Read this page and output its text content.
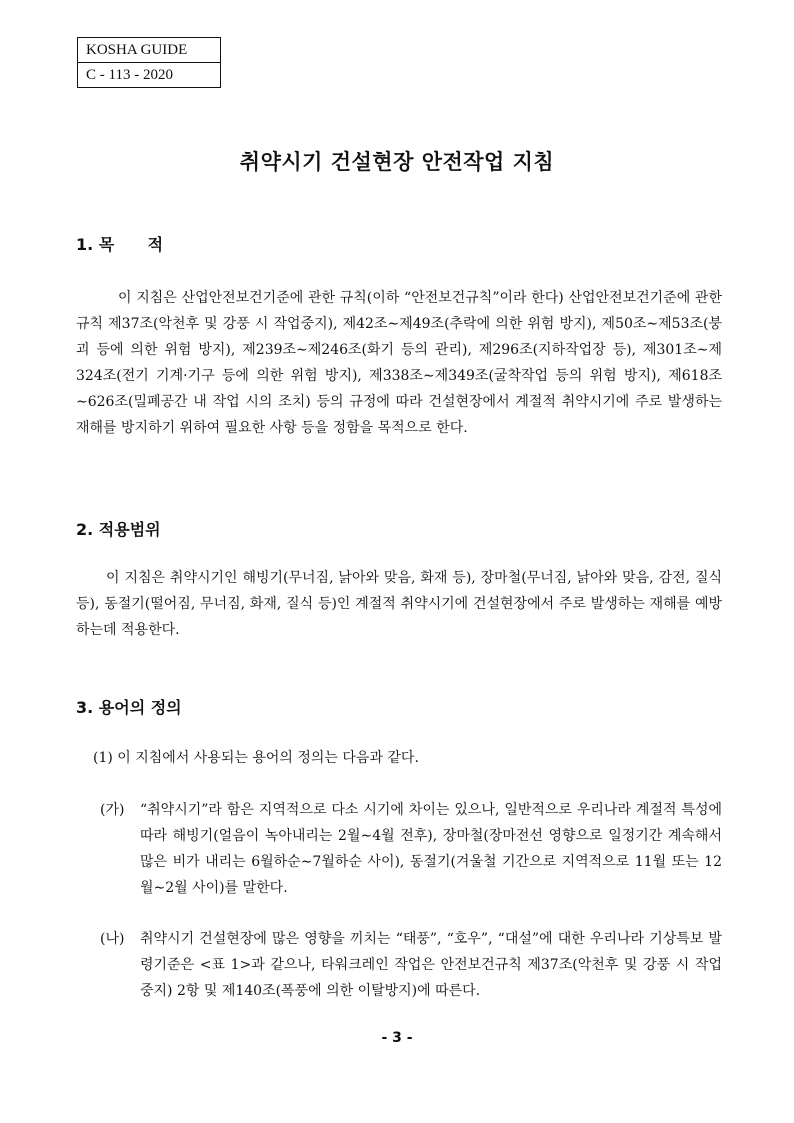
KOSHA GUIDE
C - 113 - 2020
취약시기 건설현장 안전작업 지침
1. 목      적
이 지침은 산업안전보건기준에 관한 규칙(이하 “안전보건규칙”이라 한다) 산업안전보건기준에 관한 규칙 제37조(악천후 및 강풍 시 작업중지), 제42조∼제49조(추락에 의한 위험 방지), 제50조∼제53조(붕괴 등에 의한 위험 방지), 제239조∼제246조(화기 등의 관리), 제296조(지하작업장 등), 제301조∼제324조(전기 기계·기구 등에 의한 위험 방지), 제338조∼제349조(굴착작업 등의 위험 방지), 제618조∼626조(밀폐공간 내 작업 시의 조치) 등의 규정에 따라 건설현장에서 계절적 취약시기에 주로 발생하는 재해를 방지하기 위하여 필요한 사항 등을 정함을 목적으로 한다.
2. 적용범위
이 지침은 취약시기인 해빙기(무너짐, 낡아와 맞음, 화재 등), 장마철(무너짐, 낡아와 맞음, 감전, 질식 등), 동절기(떨어짐, 무너짐, 화재, 질식 등)인 계절적 취약시기에 건설현장에서 주로 발생하는 재해를 예방하는데 적용한다.
3. 용어의 정의
(1) 이 지침에서 사용되는 용어의 정의는 다음과 같다.
(가) “취약시기”라 함은 지역적으로 다소 시기에 차이는 있으나, 일반적으로 우리나라 계절적 특성에 따라 해빙기(얼음이 녹아내리는 2월∼4월 전후), 장마철(장마전선 영향으로 일정기간 계속해서 많은 비가 내리는 6월하순∼7월하순 사이), 동절기(겨울철 기간으로 지역적으로 11월 또는 12월∼2월 사이)를 말한다.
(나) 취약시기 건설현장에 많은 영향을 끼치는 “태풍”, “호우”, “대설”에 대한 우리나라 기상특보 발령기준은 <표 1>과 같으나, 타워크레인 작업은 안전보건규칙 제37조(악천후 및 강풍 시 작업중지) 2항 및 제140조(폭풍에 의한 이탈방지)에 따른다.
- 3 -
